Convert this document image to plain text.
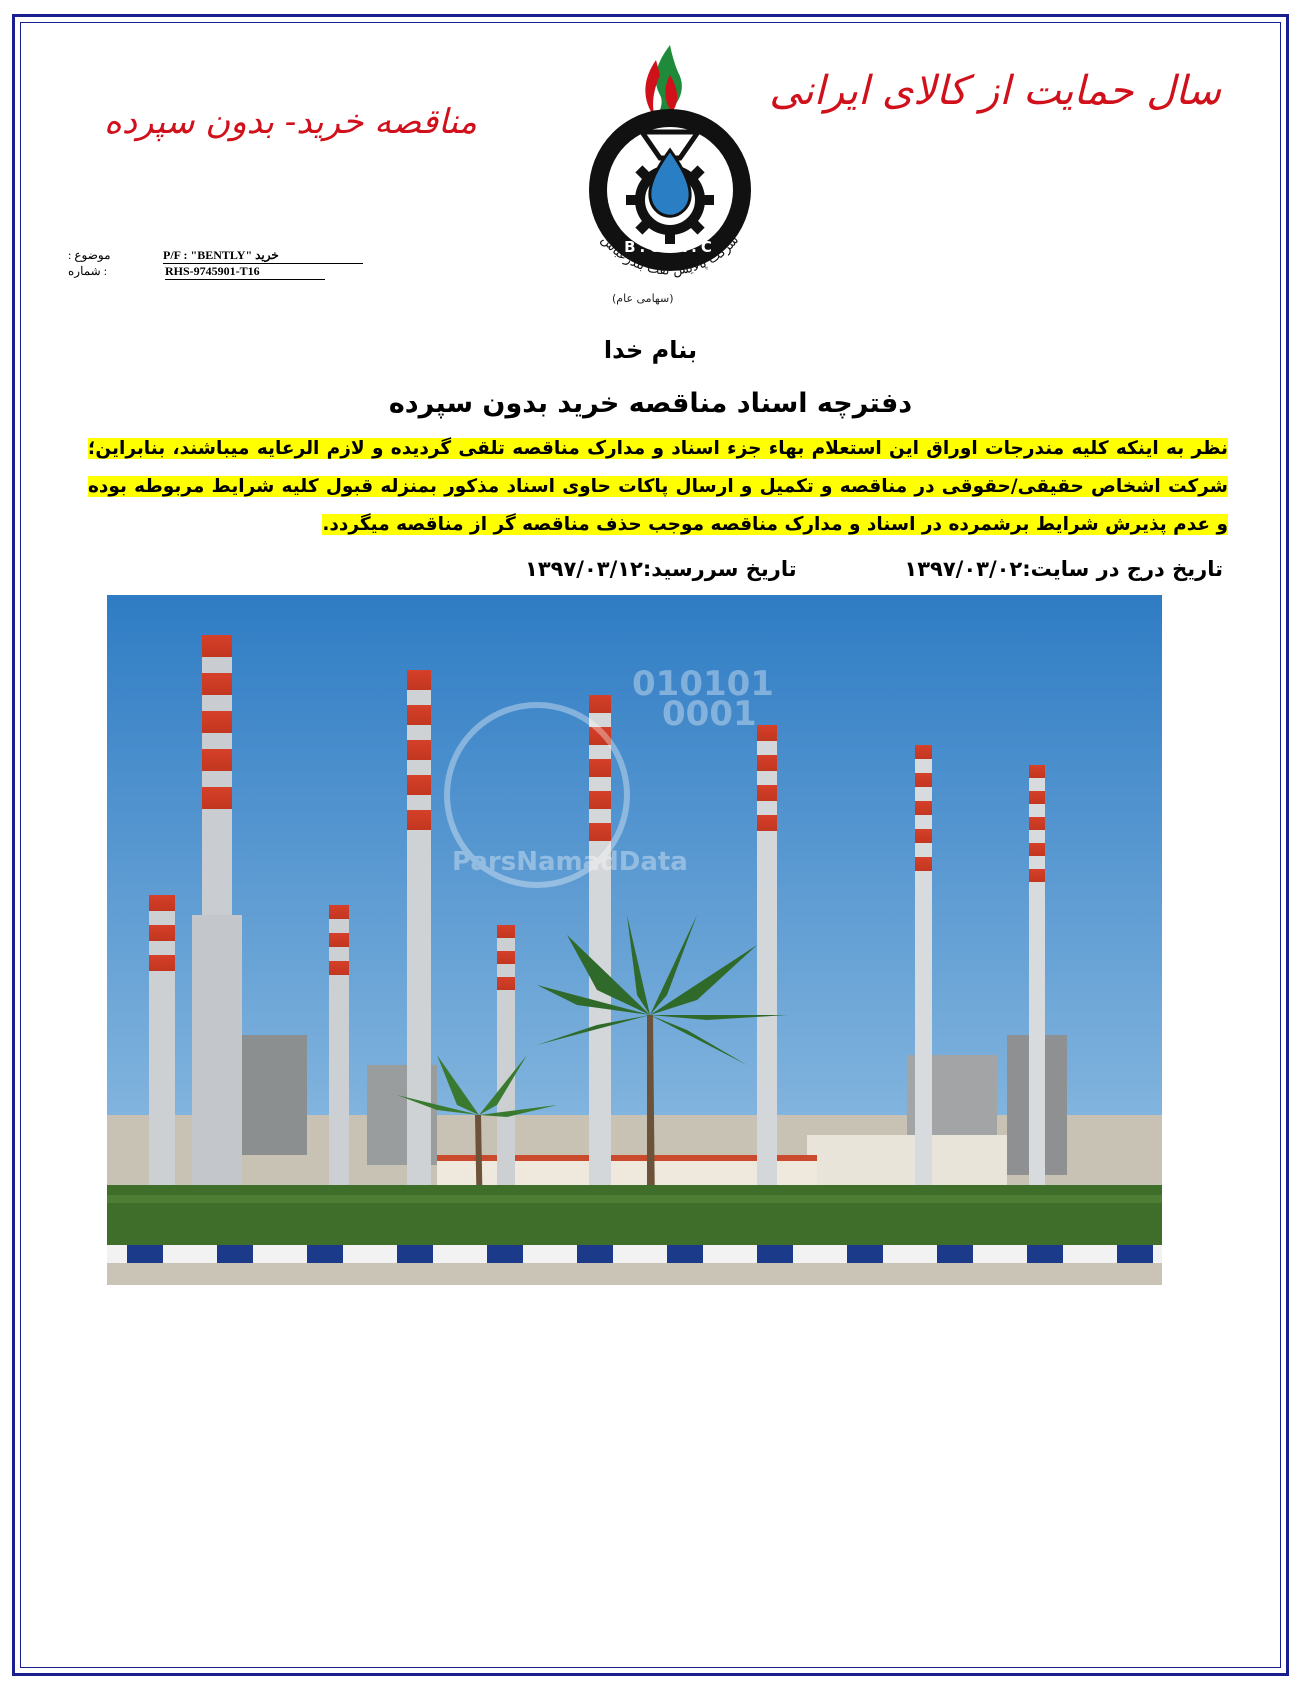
سال حمایت از کالای ایرانی
مناقصه خرید- بدون سپرده
B.O.R.C
شرکت پالایش نفت بندرعباس
(سهامی عام)
موضوع :	P/F : "BENTLY" خرید
: شماره	RHS-9745901-T16
بنام خدا
دفترچه اسناد مناقصه خرید بدون سپرده
نظر به اینکه کلیه مندرجات اوراق این استعلام بهاء جزء اسناد و مدارک مناقصه تلقی گردیده و لازم الرعایه میباشند، بنابراین؛ شرکت اشخاص حقیقی/حقوقی در مناقصه و تکمیل و ارسال پاکات حاوی اسناد مذکور بمنزله قبول کلیه شرایط مربوطه بوده و عدم پذیرش شرایط برشمرده در اسناد و مدارک مناقصه موجب حذف مناقصه گر از مناقصه میگردد.
تاریخ درج در سایت:۱۳۹۷/۰۳/۰۲
تاریخ سررسید:۱۳۹۷/۰۳/۱۲
010101
0001
ParsNamadData
